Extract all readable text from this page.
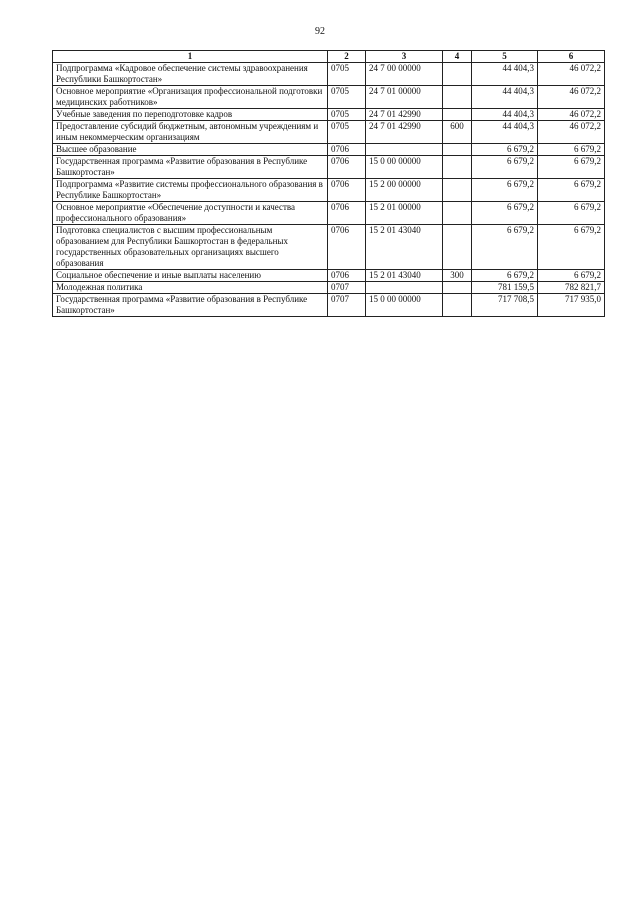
92
1	2	3	4	5	6
Подпрограмма «Кадровое обеспечение системы здравоохранения Республики Башкортостан»	0705	24 7 00 00000		44 404,3	46 072,2
Основное мероприятие «Организация профессиональной подготовки медицинских работников»	0705	24 7 01 00000		44 404,3	46 072,2
Учебные заведения по переподготовке кадров	0705	24 7 01 42990		44 404,3	46 072,2
Предоставление субсидий бюджетным, автономным учреждениям и иным некоммерческим организациям	0705	24 7 01 42990	600	44 404,3	46 072,2
Высшее образование	0706			6 679,2	6 679,2
Государственная программа «Развитие образования в Республике Башкортостан»	0706	15 0 00 00000		6 679,2	6 679,2
Подпрограмма «Развитие системы профессионального образования в Республике Башкортостан»	0706	15 2 00 00000		6 679,2	6 679,2
Основное мероприятие «Обеспечение доступности и качества профессионального образования»	0706	15 2 01 00000		6 679,2	6 679,2
Подготовка специалистов с высшим профессиональным образованием для Республики Башкортостан в федеральных государственных образовательных организациях высшего образования	0706	15 2 01 43040		6 679,2	6 679,2
Социальное обеспечение и иные выплаты населению	0706	15 2 01 43040	300	6 679,2	6 679,2
Молодежная политика	0707			781 159,5	782 821,7
Государственная программа «Развитие образования в Республике Башкортостан»	0707	15 0 00 00000		717 708,5	717 935,0
